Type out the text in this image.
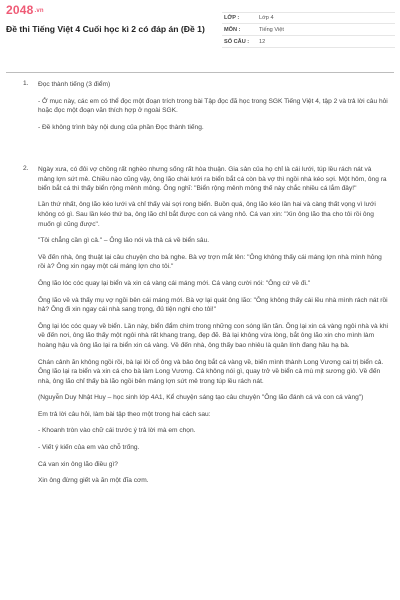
2048.vn
Đề thi Tiếng Việt 4 Cuối học kì 2 có đáp án (Đề 1)
LỚP :	Lớp 4
MÔN :	Tiếng Việt
SỐ CÂU :	12
1. Đọc thành tiếng (3 điểm)

- Ở mục này, các em có thể đọc một đoạn trích trong bài Tập đọc đã học trong SGK Tiếng Việt 4, tập 2 và trả lời câu hỏi hoặc đọc một đoạn văn thích hợp ở ngoài SGK.

- Đề không trình bày nội dung của phần Đọc thành tiếng.

2. Ngày xưa, có đôi vợ chồng rất nghèo nhưng sống rất hòa thuận. Gia sản của họ chỉ là cái lưới, túp lều rách nát và mảng lợn sứt mẻ. Chiều nào cũng vậy, ông lão chài lưới ra biển bắt cá còn bà vợ thì ngồi nhà kéo sợi. Một hôm, ông ra biển bắt cá thì thấy biển rộng mênh mông. Ông nghĩ: "Biển rộng mênh mông thế này chắc nhiều cá lắm đây!"

Lần thứ nhất, ông lão kéo lưới và chỉ thấy vài sợi rong biển. Buồn quá, ông lão kéo lần hai và càng thất vọng vì lưới không có gì. Sau lần kéo thứ ba, ông lão chỉ bắt được con cá vàng nhỏ. Cá van xin: "Xin ông lão tha cho tôi rồi ông muốn gì cũng được".

"Tôi chẳng cần gì cả." – Ông lão nói và thả cá về biển sâu.

Về đến nhà, ông thuật lại câu chuyện cho bà nghe. Bà vợ trợn mắt lên: "Ông không thấy cái máng lợn nhà mình hỏng rồi à? Ông xin ngay một cái máng lợn cho tôi."

Ông lão lóc cóc quay lại biển và xin cá vàng cái máng mới. Cá vàng cười nói: "Ông cứ về đi."

Ông lão về và thấy mụ vợ ngồi bên cái máng mới. Bà vợ lại quát ông lão: "Ông không thấy cái lều nhà mình rách nát rồi hả? Ông đi xin ngay cái nhà sang trọng, đủ tiện nghi cho tôi!"

Ông lại lóc cóc quay về biển. Lần này, biển đẩm chìm trong những con sóng lăn tăn. Ông lại xin cá vàng ngôi nhà và khi về đến nơi, ông lão thấy một ngôi nhà rất khang trang, đẹp đẽ. Bà lại không vừa lòng, bắt ông lão xin cho mình làm hoàng hậu và ông lão lại ra biển xin cá vàng. Về đến nhà, ông thấy bao nhiêu là quân lính đang hầu hạ bà.

Chán cảnh ăn không ngồi rồi, bà lại lôi cổ ông và bảo ông bắt cá vàng về, biến mình thành Long Vương cai trị biển cả. Ông lão lại ra biển và xin cá cho bà làm Long Vương. Cá không nói gì, quay trở về biển cả mù mịt sương giô. Về đến nhà, ông lão chỉ thấy bà lão ngồi bên máng lợn sứt mẻ trong túp lều rách nát.

(Nguyễn Duy Nhật Huy – học sinh lớp 4A1, Kể chuyện sáng tạo câu chuyện "Ông lão đánh cá và con cá vàng")

Em trả lời câu hỏi, làm bài tập theo một trong hai cách sau:

- Khoanh tròn vào chữ cái trước ý trả lời mà em chọn.

- Viết ý kiến của em vào chỗ trống.

Cá van xin ông lão điều gì?

Xin ông đừng giết và ăn một đĩa cơm.
